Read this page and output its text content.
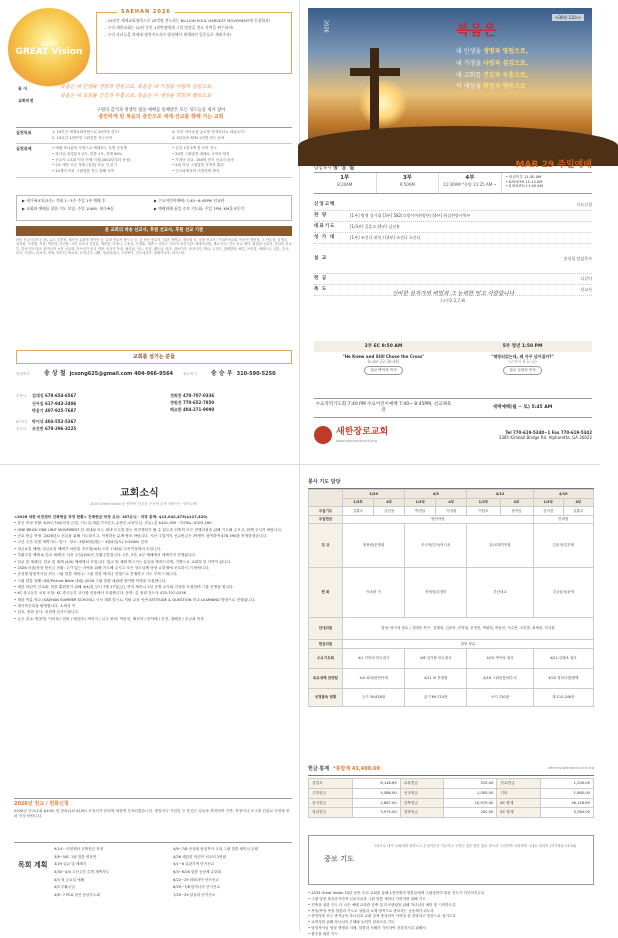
2033
GREAT Vision
SAEHAN 2026

- 10년간 세계교회협력으로 20억명 전도하는 BILLION SOUL HARVEST MOVEMENT에 동참하자!

- 우리 새한교회는 10년 동안 1천만명에게 그림 말씀을 전도 사역을 완수하자!

- 우리 자녀들을 차세대 영적지도자로 양성해서 세계하인 일꾼들로 세워주자!

표 어
교회비전

복음은 내 인생을 생명과 영원으로, 복음은 내 가정을 사랑과 섬김으로,

복음은 내 교회를 건강과 부흥으로, 복음은 이 세상을 희망과 행복으로

구원의 감격과 영생의 법을 예배를 통해받은 모든 성도들을 제자 삼아
충만하게 된 복음의 증인으로 세계 선교를 향해 가는 교회
실천목표	1. 10년간 세계교회연합으로 20억명 전도!

2. 10년간 1천만명 그림말씀 전도사역

3. 우리 자녀들을 글로벌 영적리더로 세워주기!

4. 3년동안 ATM 1천명 전도 동력

실천과제	• 예배 하나됨의 사랑으로 예배하는 특별 공동체

• 하나님 성경통독 2독, 말씀 1독, 전체 60%

• 신교지 1교회 이상 전체 지정(2002년부터 동참)

• 2호 예한 모든 목원 (성경) 선교 지 읽기

• 10개의 아본 그림말씀 전도 당해 사역

• 금년 1천 2백 틀 모아 전도

• 50명 그림말씀 예배로 사역자 양성

• 가대난 하교, 180명 단기 선교지 파송

• 2회 이상 그림말씀 사역자 훈련

• 인스타에서만 비전하며 생각

▶ 새가족교육(3주): 격월 1~3주 주일 1부 예배 후

▶ 교회와 예배를 위한 기도 모임: 주일 10AM, 새가족실

▶ 수요어린이예배: 7:40~8:45PM 선교관

▶ 예배위해 통일 중보 기도회: 주일 7PM, KM홀교동석

본 교회의 파송 선교사, 후원 선교사, 후원 선교 기관
파송 선교사 (미국 남), 유수 김경석, 새가족 유형에 정석선 등, 유형 선교사 봉사시 등, 김 운동 선교사, 일관, 양명수, 정보섭 등. 후원 선교사: 가 GP 선교회, 아시아 정봉정, 그 안수정, 김명수, 임성원, 이정엽, 허남, 박미경, 이진용, 시민 선교사 김진홍, 박한종, 이바나, 주동일, 신재훈, 에반스 시미프. 선교지 파송기관: 세계선교회, 케냐 전도, 인도 선교 센터, 필리핀 선교지, 중남미 선교부, 캄보디아 학교, 탄자니아 소망 선교회, 아프리카 선교 연합. 선교지 목록: 필리핀, 인도, 몽골, 베트남, 태국, 캄보디아, 탄자니아, 케냐, 우간다, 과테말라, 페루, 브라질, 에콰도르, 일본, 중국, 터키, 이집트, 러시아, 쿠바, 아이티, 멕시코, 도미니카, 네팔, 방글라데시, 스리랑카, 인도네시아, 말레이시아, 파키스탄.
교회를 섬기는 분들
담임목사	송 상 철 jcsong625@gmail.com 404-966-9564	원로목사	송 승 우 310-590-5250

부목사 김대성 678-654-6567

신아임 617-943-2406

박윤기 407-925-7687

EC목사 박이삭 404-552-5367

전도사 조진만 678-296-3225

정희찬 470-707-0336

정원진 770-652-7850

배요한 404-271-9090

<30년 13호>
2026	복음은

내 인생을 생명과 영원으로,

내 가정을 사랑과 섬김으로,

내 교회를 건강과 부흥으로,

이 세상을 희망과 행복으로

담임목사 송 상 철	MAR 29 주일예배
1부
8:20AM
3부
9:50AM
4부
11:30AM *한양 11:25 AM ~
• 어린이부 11:30 AM
• K-YOUTH 11:15 AM
• E-YOUTH 11:40 AM
신앙고백	사도신경
찬 양	[1부] 병행 성가대 [3부] 582(오방이여찬양단) [4부] 워십찬양사역부
대표기도	[1/3부] 길훈모 [4부] 김선용
성 가 대	[1부] 조선나 권익 / [4부] 조선나 호산나
설 교	송상철 담임목사
헌 금	다같이
축 도	설교자
신비한 심자가의 비밀과 그 능력한 믿고 사랑합니다
(고전2:2,7,8)
2부 EC 9:50 AM	5부 청년 1:50 PM

"He Knew and Still Chose the Cross"

(Luke 22:39-44)

설교 박이삭 목사

"해방되었는데, 왜 자꾸 넘어질까?"

(로마서 6:1~2)

설교 김대성 목사
수요지역기도회 7:40 PM 수요어린이예배 7:40~ 8:45PM, 선교체육관
새벽예배(월 ~ 토) 5:45 AM
새한장로교회
www.saehanchurch.org
Tel 770-619-5340~1 Fax 770-619-5342
3385 Kimball Bridge Rd. Alpharetta, GA 30022
교회소식
2033 Great Vision을 향하여 믿음을 온전히 굳게 세워가는 새한교회!

<2026 새한 비전센터 건축헌금 작정 현황> 건축헌금 작정 유닛: 187유닛 · 작정 총액: $13,042,475($127,420)

• 유닛 작정 현황: $197,740(미정 금일, 기도실,계룡,가프론트,수중부,교육부실, 사무) 총 $401,550 · TOTAL: $325,160

• ONE BRICK ONE UNIT MOVEMENT 한 세대와 모는 세대 모두를 품는 비전센터가 될 수 있도록 건축의 모든 전행과정을 위해 기도해 주시고, 함께 주시기 바랍니다.

• 선교 헌금 작정: 2026년도 선교를 위해 기도하시고, 작정하신 분께 협조 바랍니다. 지난 주일까지 선교헌금은 79명이 참여하여 $78,390을 작정하셨습니다.

• 고난 주간 특별 새벽기도: 일시 · 장소: 3월30일(월) ~ 4월4일(토) 5:45AM, 본당

• 성금요일 예배: 성금요일 예배가 마련된 곳모임(4/3) 오후 7:45분 다목적실에서 모입니다.

• 부활주일 예배 & 친교 세례식: 다음 주일(4/5)은 부활주일입니다. 1부, 3부, 4부 예배에서 세례식이 진행됩니다.

• 입교 및 세례식: 입교 및 세례 (4/5) 예배에서 모입니다. 입교 및 세례 받으시는 분들을 축하드리며, 기쁨으로 교회의 한 가족이 됩니다.

• 2026 마을/목장 헌신금 현황: 주가 있는 지역을 위해 기도해 주시고 모든 성도님께 당당 요한계에 공로하시 기 바랍니다.

• 송성철 담임목사님 귀국 그림 말씀 세미나: 그림 말씀 세미나 진행으로 진행하고 기도 부탁 드립니다.

• 그림 말씀 강해 대회(Picture Bible 대회) 2026 그림 말씀 대회에 참여할 학생을 모집합니다.

• 새한 어린이 선교회: 말씀 훈련하기 위해 4/4(일 부터 7월 17일(금), 까지 세미나 1년 운영 교사와 가정을 모집하며 그룹 운영을 합니다.

• KC 중고등부 교육 모임: KC 중고등부 교사를 건물에서 모집합니다. 문의: 김 정희 전도사 470-707-0336

• 새한 여름 학교 (SAEHAN SUMMER SCHOOL) 시사 계획 앞으로 지원 교육 이번 ATTITUDE & QUESTION 학교 LEARNING 방향으로 진행됩니다.

• 새가족등록을 환영합니다. 소외자 이

• 친교, 헌화 감사: 성경에 감사드립니다.

• 금주 친교: 양윤명, 이미희 / 헌화 / 배선아 / 박지식 / 금주 헌화: 박윤선, 배선아 / 한덕배 / 우진, 정해천 / 우금희 목장

2026년 친교 / 헌화신청
2026년 친교(1회 $400) 및 헌화(1회 $100) 신청서가 준비에 새롭게 부착되었습니다. 생일이나 기념일 등 뜻깊은 날들을 축하하며 가족, 목장이나 소그룹 단위로 사랑을 헌화 신청 바랍니다.
목회 계획

9/14~ 비전센터 건축헌금 작정

3/6~5/8 그림 말씀 영웅반

3/29 입교 및 세례식

3/30~4/4 고난주간 특별 새벽기도

4/3 성 금요일 예배

4/5 부활주일

4/6~7 PCA 한인 동남부노회

4/8~7/8 송성철 담임목사 국내 그림 말씀 세미나 순회

4/26 새한한 어린이 선교의 2연회

5/1~6 유관지역 단기선교

6/3~6/26 말씀 공동체 수련회

6/22~29 파라과이 단기선교

6/29~7/8 탄자니아 단기선교

7/20~29 앙골라 단기선교

봉사 기도 담당
	3/29		4/5		4/12		4/19	
	1/3부	4부	1/3부	4부	1/3부	4부	1/3부	4부
주일기도	길훈모	김선용	박경일	이정섭	이남호	장석임	김석현	길훈모
주일헌금	양선아팀						안내팀	
친 교	최용렬/문명섭		조국영/김시/마니선		꿈/모래가목장		김윤정/김진제	
헌 화	이옥란 가		전세정/김정미		부산대교		김규윤/임윤영	
안내위원	담당: 양시정 장로 / 김태민 목사 · 김제희, 김윤아, 문명섭, 문정현, 박광희, 박윤선, 이수연, 주미향, 최제성, 허규원							
헌금위원	담당 장로							
수요기도회	4/1 이만희 안수집사		4/8 김기환 안수집사		4/15 박덕영 권사		4/22 김혜옥 권사	
토요새벽 찬양팀	4/4 최피/양헌아재		4/11 Vi 찬양팀		4/18 그림말씀/양수선		4/25 정다니엘/양백	
성경통독 현황	등기 39,818장		읽기 69,710장		쓰기 720장		계 110,248장	
헌금 통계 *총합계 41,490.69	offering.saehanchurch.org
십일조	8,148.69	교육헌금	510.00	친교헌금	1,200.00
주일헌금	5,586.00	선교헌금	1,005.00	기타	1,865.00
감사헌금	2,667.00	건축헌금	10,970.00	KC 합계	36,126.69
청년헌금	3,975.00	장학헌금	200.00	EC 합계	5,364.00
중보 기도
그리므로 내가 너희에게 말하노니 무엇이든지 기도하고 구하는 것은 받은 줄로 믿으라 그리하면 너희에게 그대로 되리라 (마가복음 11:24)

• 2033 Great Vision 10년 동안 우리 교회를 통해 1천만명의 영혼들에게 그림말씀이 복음 전도가 이루어지도록

• 그림 말씀 복음증거사역 선교사들과 그림 말씀 세미나 사역자를 위해 기도

• 건축을 위한 기도 더 나은 예배 교육관 증축 및 리모델링을 위해 하나님의 예비 및 시작하도록

• 목돌/목장 목장 말씀과 기도로 성령과 교제 영적으로 중보하는 공동체가 되도록

• 중직자를 모든 중직들이 하나님과 교회 앞에 충성되이 사역을 잘 감당하고 믿음으로 섬기도록

• 교역자를 위해 하나님의 은혜와 능력이 넘치도록 기도

• 담임목사님 영성 생명과 지혜, 말씀과 지혜가 가득하여 건강하시길 위해서

• 환우를 위한 기도
